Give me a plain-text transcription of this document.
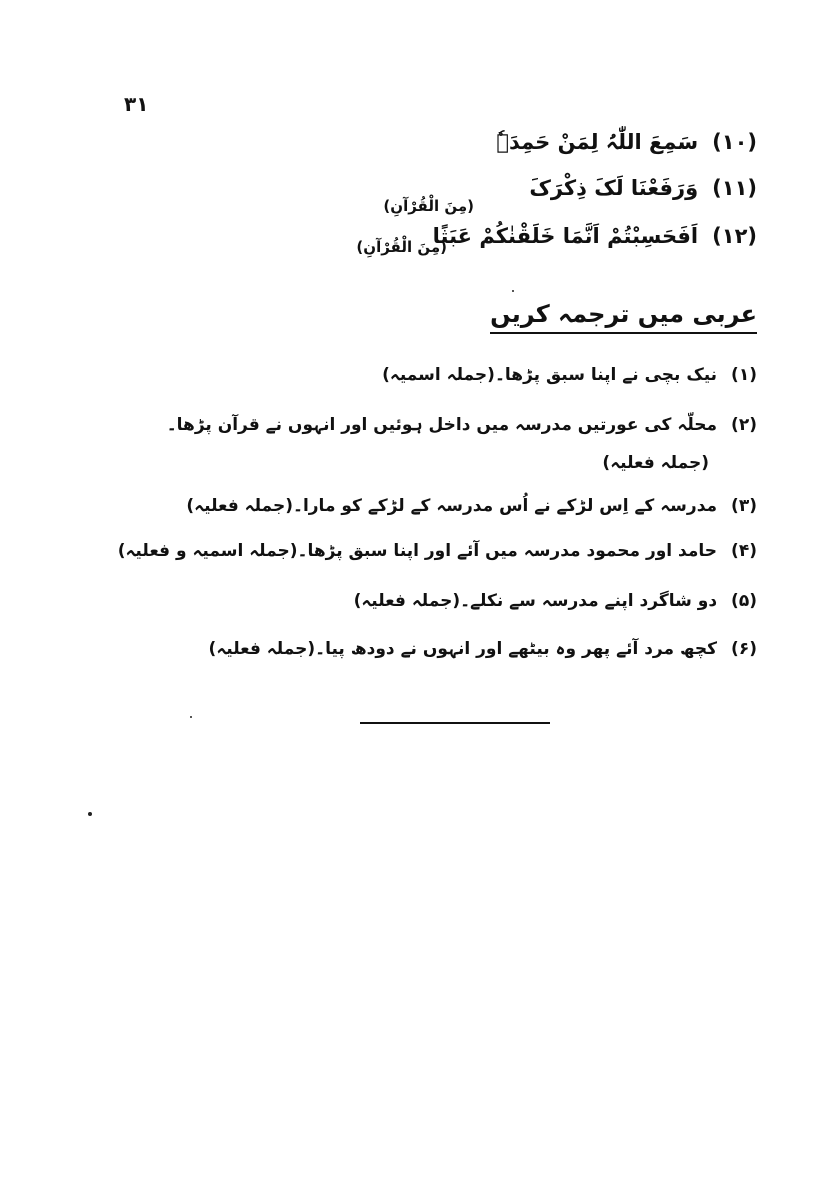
۳۱
(۱۰)سَمِعَ اللّٰہُ لِمَنْ حَمِدَہٗ
(۱۱)وَرَفَعْنَا لَکَ ذِکْرَکَ
(مِنَ الْقُرْآنِ)
(۱۲)اَفَحَسِبْتُمْ اَنَّمَا خَلَقْنٰکُمْ عَبَثًا
(مِنَ الْقُرْآنِ)
عربی میں ترجمہ کریں
(۱)نیک بچی نے اپنا سبق پڑھا۔(جملہ اسمیہ)
(۲)محلّہ کی عورتیں مدرسہ میں داخل ہوئیں اور انہوں نے قرآن پڑھا۔
(جملہ فعلیہ)
(۳)مدرسہ کے اِس لڑکے نے اُس مدرسہ کے لڑکے کو مارا۔(جملہ فعلیہ)
(۴)حامد اور محمود مدرسہ میں آئے اور اپنا سبق پڑھا۔(جملہ اسمیہ و فعلیہ)
(۵)دو شاگرد اپنے مدرسہ سے نکلے۔(جملہ فعلیہ)
(۶)کچھ مرد آئے پھر وہ بیٹھے اور انہوں نے دودھ پیا۔(جملہ فعلیہ)
